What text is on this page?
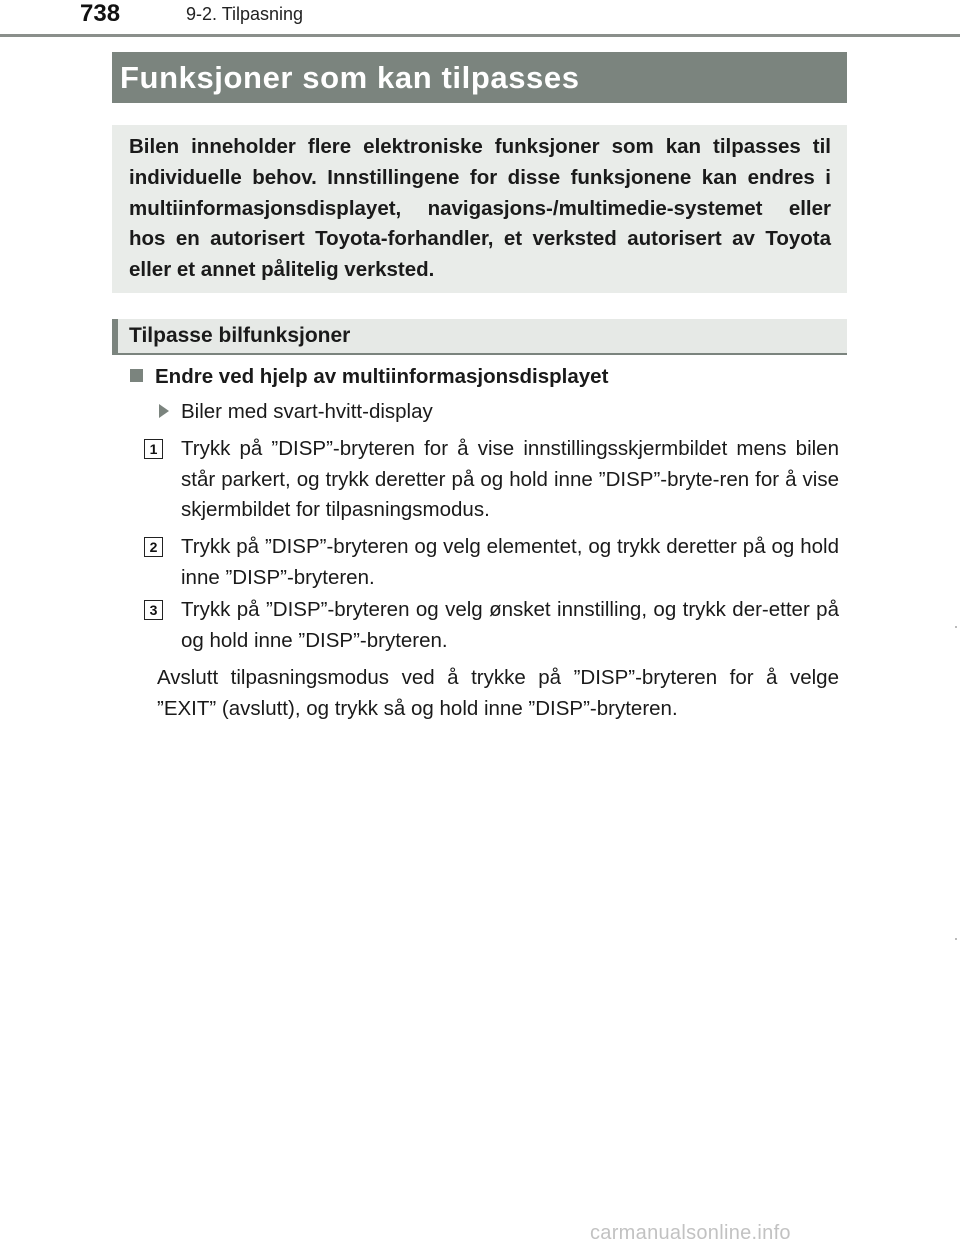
738	9-2. Tilpasning
Funksjoner som kan tilpasses
Bilen inneholder flere elektroniske funksjoner som kan tilpasses til individuelle behov. Innstillingene for disse funksjonene kan endres i multiinformasjonsdisplayet, navigasjons-/multimedie-systemet eller hos en autorisert Toyota-forhandler, et verksted autorisert av Toyota eller et annet pålitelig verksted.
Tilpasse bilfunksjoner
Endre ved hjelp av multiinformasjonsdisplayet
Biler med svart-hvitt-display
1 Trykk på ”DISP”-bryteren for å vise innstillingsskjermbildet mens bilen står parkert, og trykk deretter på og hold inne ”DISP”-bryte-ren for å vise skjermbildet for tilpasningsmodus.
2 Trykk på ”DISP”-bryteren og velg elementet, og trykk deretter på og hold inne ”DISP”-bryteren.
3 Trykk på ”DISP”-bryteren og velg ønsket innstilling, og trykk der-etter på og hold inne ”DISP”-bryteren.
Avslutt tilpasningsmodus ved å trykke på ”DISP”-bryteren for å velge ”EXIT” (avslutt), og trykk så og hold inne ”DISP”-bryteren.
carmanualsonline.info
